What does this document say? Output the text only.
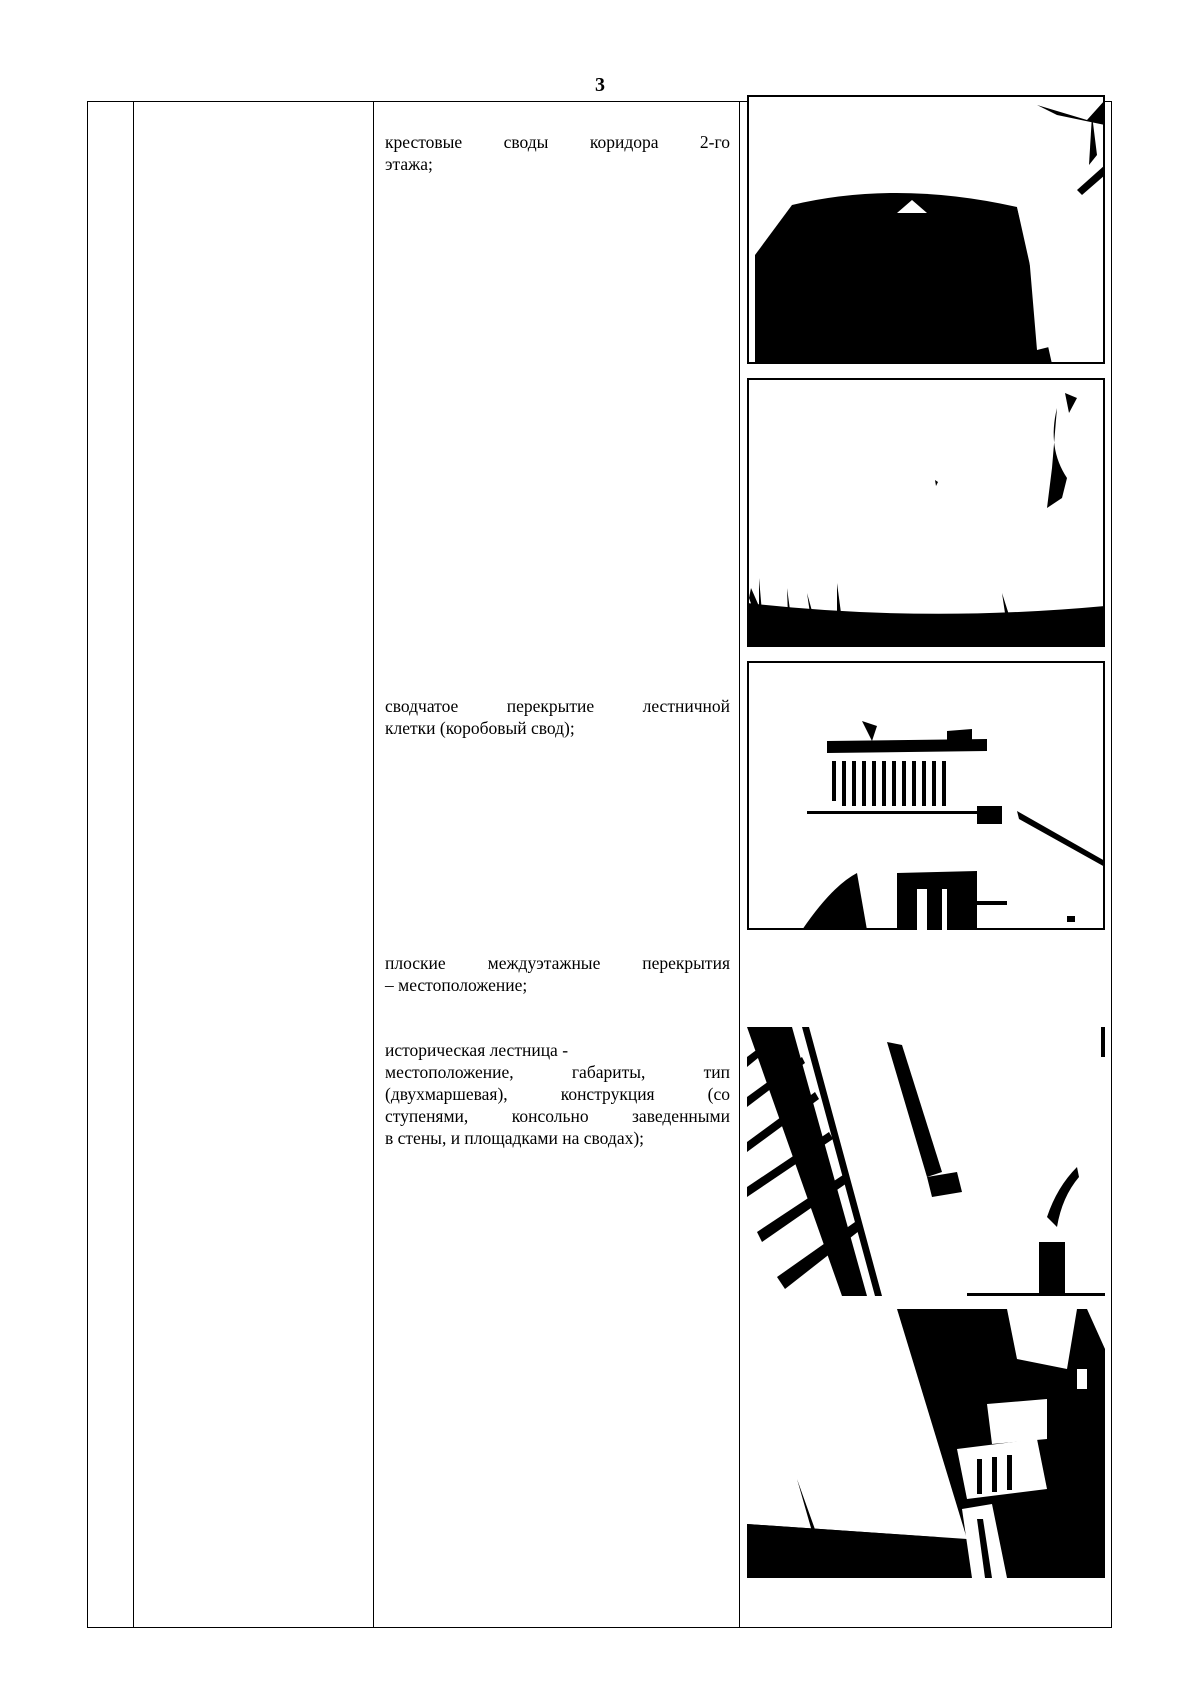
3
крестовые своды коридора 2-го
этажа;
сводчатое перекрытие лестничной
клетки (коробовый свод);
плоские междуэтажные перекрытия
– местоположение;
историческая лестница -
местоположение, габариты, тип
(двухмаршевая), конструкция (со
ступенями, консольно заведенными
в стены, и площадками на сводах);
